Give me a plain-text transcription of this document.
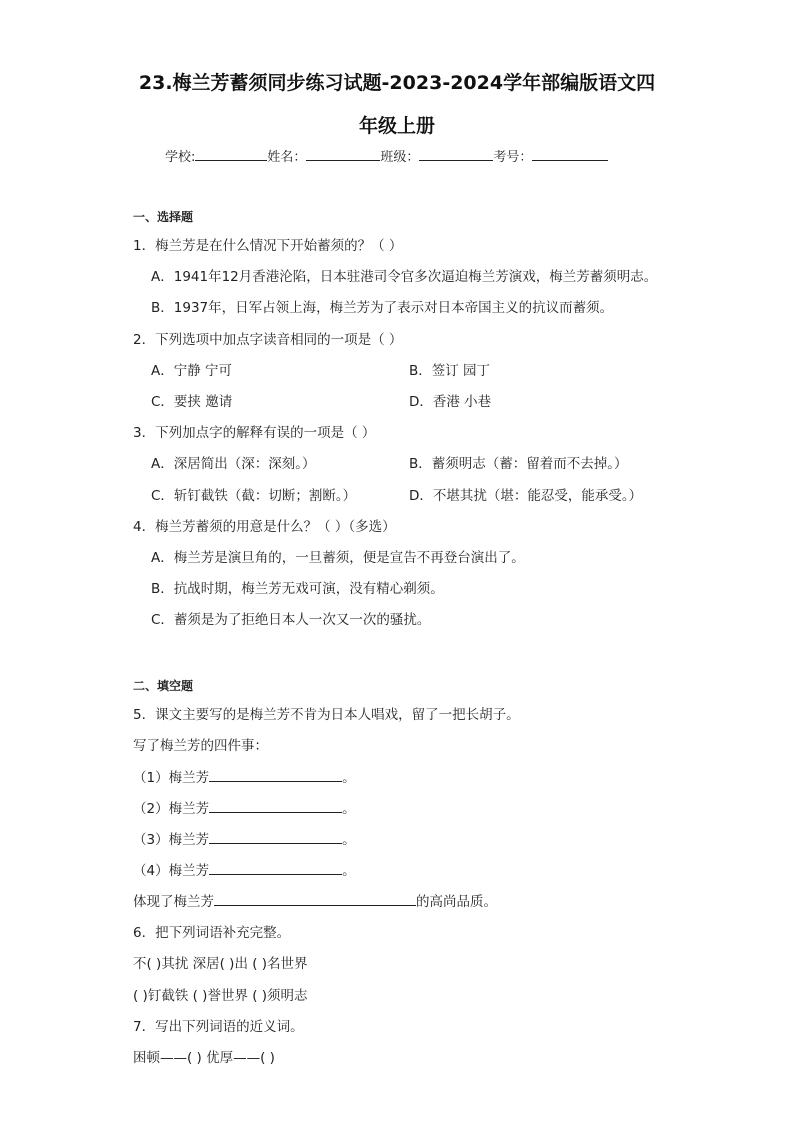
23.梅兰芳蓄须同步练习试题-2023-2024学年部编版语文四
年级上册
学校:	姓名：	班级：	考号：
一、选择题
1．梅兰芳是在什么情况下开始蓄须的？（ ）
A．1941年12月香港沦陷，日本驻港司令官多次逼迫梅兰芳演戏，梅兰芳蓄须明志。
B．1937年，日军占领上海，梅兰芳为了表示对日本帝国主义的抗议而蓄须。
2．下列选项中加点字读音相同的一项是（ ）
A．宁静 宁可	B．签订 园丁
C．要挟 邀请	D．香港 小巷
3．下列加点字的解释有误的一项是（ ）
A．深居简出（深：深刻。）	B．蓄须明志（蓄：留着而不去掉。）
C．斩钉截铁（截：切断；割断。）	D．不堪其扰（堪：能忍受，能承受。）
4．梅兰芳蓄须的用意是什么？（ ）（多选）
A．梅兰芳是演旦角的，一旦蓄须，便是宣告不再登台演出了。
B．抗战时期，梅兰芳无戏可演，没有精心剃须。
C．蓄须是为了拒绝日本人一次又一次的骚扰。
二、填空题
5．课文主要写的是梅兰芳不肯为日本人唱戏，留了一把长胡子。
写了梅兰芳的四件事：
（1）梅兰芳	。
（2）梅兰芳	。
（3）梅兰芳	。
（4）梅兰芳	。
体现了梅兰芳	的高尚品质。
6．把下列词语补充完整。
不( )其扰 深居( )出 ( )名世界
( )钉截铁 ( )誉世界 ( )须明志
7．写出下列词语的近义词。
困顿——( ) 优厚——( )
